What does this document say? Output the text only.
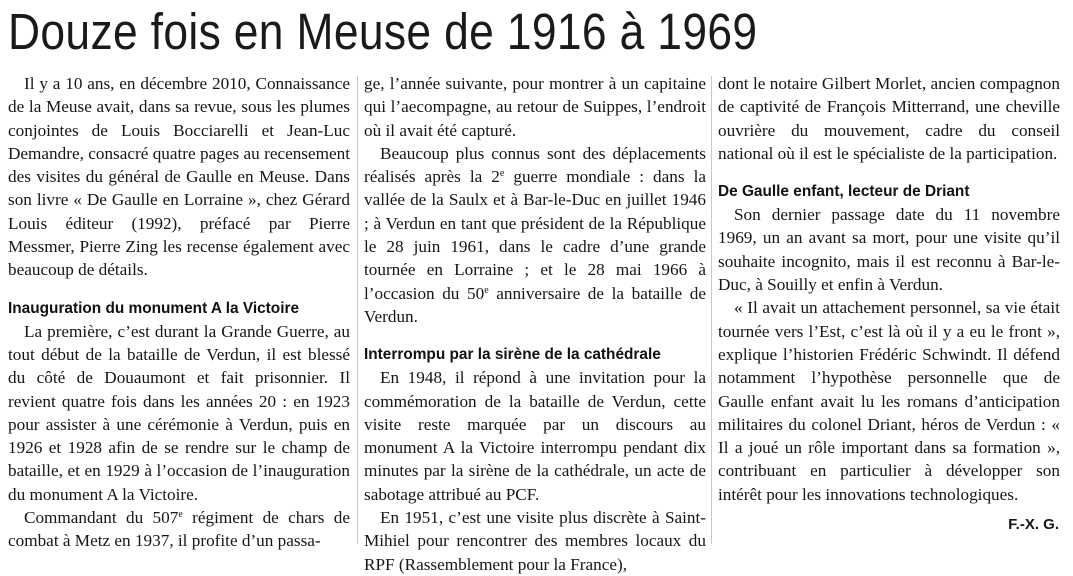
Douze fois en Meuse de 1916 à 1969

Il y a 10 ans, en décembre 2010, Connaissance de la Meuse avait, dans sa revue, sous les plumes conjointes de Louis Bocciarelli et Jean-Luc Demandre, consacré quatre pages au recensement des visites du général de Gaulle en Meuse. Dans son livre « De Gaulle en Lorraine », chez Gérard Louis éditeur (1992), préfacé par Pierre Messmer, Pierre Zing les recense également avec beaucoup de détails.

Inauguration du monument A la Victoire

La première, c’est durant la Grande Guerre, au tout début de la bataille de Verdun, il est blessé du côté de Douaumont et fait prisonnier. Il revient quatre fois dans les années 20 : en 1923 pour assister à une cérémonie à Verdun, puis en 1926 et 1928 afin de se rendre sur le champ de bataille, et en 1929 à l’occasion de l’inauguration du monument A la Victoire.

Commandant du 507e régiment de chars de combat à Metz en 1937, il profite d’un passa-

ge, l’année suivante, pour montrer à un capitaine qui l’aecompagne, au retour de Suippes, l’endroit où il avait été capturé.

Beaucoup plus connus sont des déplacements réalisés après la 2e guerre mondiale : dans la vallée de la Saulx et à Bar-le-Duc en juillet 1946 ; à Verdun en tant que président de la République le 28 juin 1961, dans le cadre d’une grande tournée en Lorraine ; et le 28 mai 1966 à l’occasion du 50e anniversaire de la bataille de Verdun.

Interrompu par la sirène de la cathédrale

En 1948, il répond à une invitation pour la commémoration de la bataille de Verdun, cette visite reste marquée par un discours au monument A la Victoire interrompu pendant dix minutes par la sirène de la cathédrale, un acte de sabotage attribué au PCF.

En 1951, c’est une visite plus discrète à Saint-Mihiel pour rencontrer des membres locaux du RPF (Rassemblement pour la France),

dont le notaire Gilbert Morlet, ancien compagnon de captivité de François Mitterrand, une cheville ouvrière du mouvement, cadre du conseil national où il est le spécialiste de la participation.

De Gaulle enfant, lecteur de Driant

Son dernier passage date du 11 novembre 1969, un an avant sa mort, pour une visite qu’il souhaite incognito, mais il est reconnu à Bar-le-Duc, à Souilly et enfin à Verdun.

« Il avait un attachement personnel, sa vie était tournée vers l’Est, c’est là où il y a eu le front », explique l’historien Frédéric Schwindt. Il défend notamment l’hypothèse personnelle que de Gaulle enfant avait lu les romans d’anticipation militaires du colonel Driant, héros de Verdun : « Il a joué un rôle important dans sa formation », contribuant en particulier à développer son intérêt pour les innovations technologiques.

F.-X. G.
